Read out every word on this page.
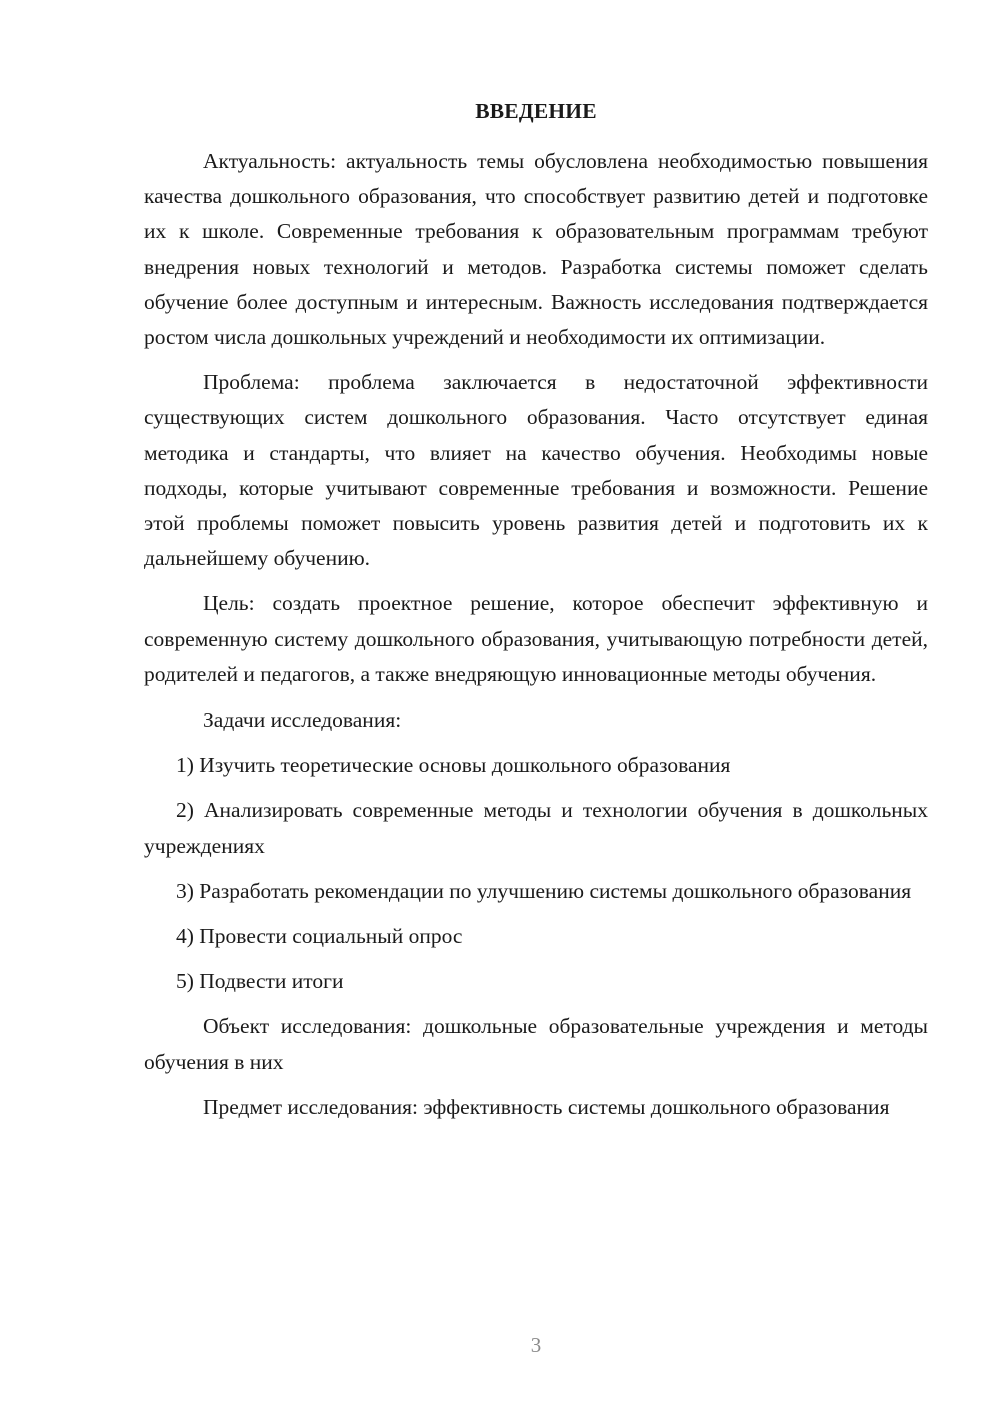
ВВЕДЕНИЕ

Актуальность: актуальность темы обусловлена необходимостью повышения качества дошкольного образования, что способствует развитию детей и подготовке их к школе. Современные требования к образовательным программам требуют внедрения новых технологий и методов. Разработка системы поможет сделать обучение более доступным и интересным. Важность исследования подтверждается ростом числа дошкольных учреждений и необходимости их оптимизации.

Проблема: проблема заключается в недостаточной эффективности существующих систем дошкольного образования. Часто отсутствует единая методика и стандарты, что влияет на качество обучения. Необходимы новые подходы, которые учитывают современные требования и возможности. Решение этой проблемы поможет повысить уровень развития детей и подготовить их к дальнейшему обучению.

Цель: создать проектное решение, которое обеспечит эффективную и современную систему дошкольного образования, учитывающую потребности детей, родителей и педагогов, а также внедряющую инновационные методы обучения.

Задачи исследования:

1) Изучить теоретические основы дошкольного образования

2) Анализировать современные методы и технологии обучения в дошкольных учреждениях

3) Разработать рекомендации по улучшению системы дошкольного образования

4) Провести социальный опрос

5) Подвести итоги

Объект исследования: дошкольные образовательные учреждения и методы обучения в них

Предмет исследования: эффективность системы дошкольного образования

3
